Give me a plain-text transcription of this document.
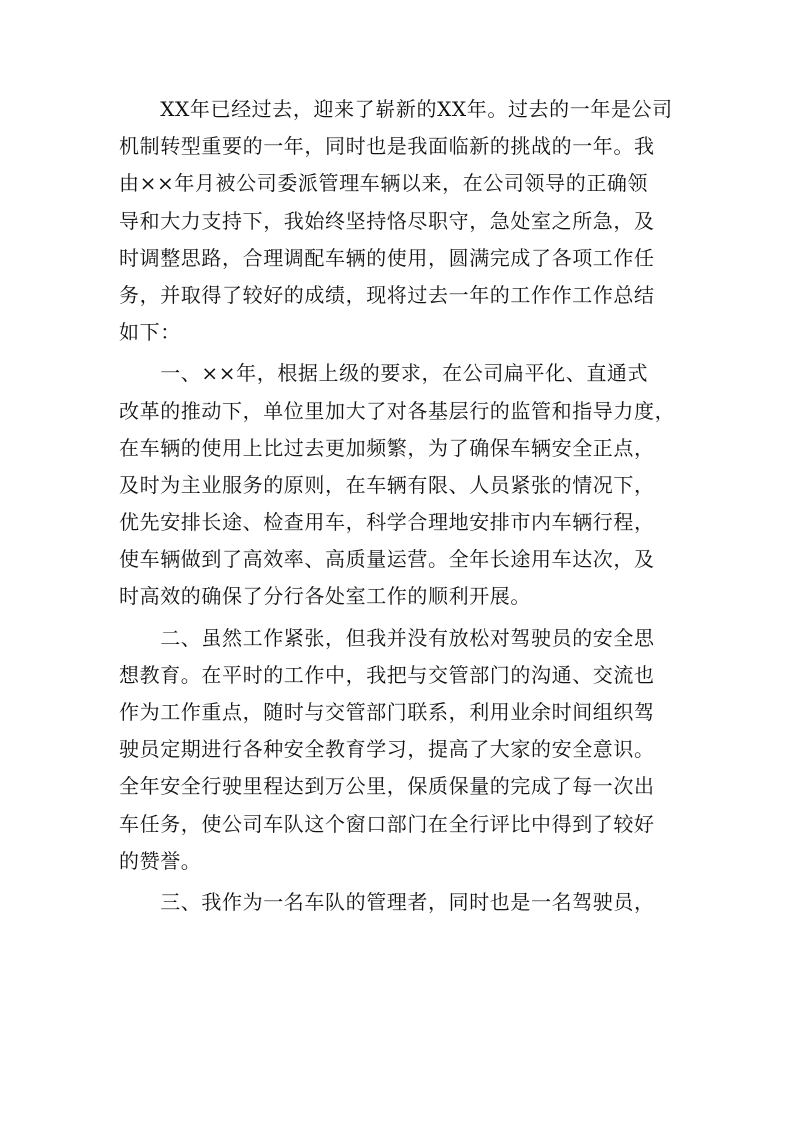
　　XX年已经过去，迎来了崭新的XX年。过去的一年是公司
机制转型重要的一年，同时也是我面临新的挑战的一年。我
由××年月被公司委派管理车辆以来，在公司领导的正确领
导和大力支持下，我始终坚持恪尽职守，急处室之所急，及
时调整思路，合理调配车辆的使用，圆满完成了各项工作任
务，并取得了较好的成绩，现将过去一年的工作作工作总结
如下：
　　一、××年，根据上级的要求，在公司扁平化、直通式
改革的推动下，单位里加大了对各基层行的监管和指导力度，
在车辆的使用上比过去更加频繁，为了确保车辆安全正点，
及时为主业服务的原则，在车辆有限、人员紧张的情况下，
优先安排长途、检查用车，科学合理地安排市内车辆行程，
使车辆做到了高效率、高质量运营。全年长途用车达次，及
时高效的确保了分行各处室工作的顺利开展。
　　二、虽然工作紧张，但我并没有放松对驾驶员的安全思
想教育。在平时的工作中，我把与交管部门的沟通、交流也
作为工作重点，随时与交管部门联系，利用业余时间组织驾
驶员定期进行各种安全教育学习，提高了大家的安全意识。
全年安全行驶里程达到万公里，保质保量的完成了每一次出
车任务，使公司车队这个窗口部门在全行评比中得到了较好
的赞誉。
　　三、我作为一名车队的管理者，同时也是一名驾驶员，
